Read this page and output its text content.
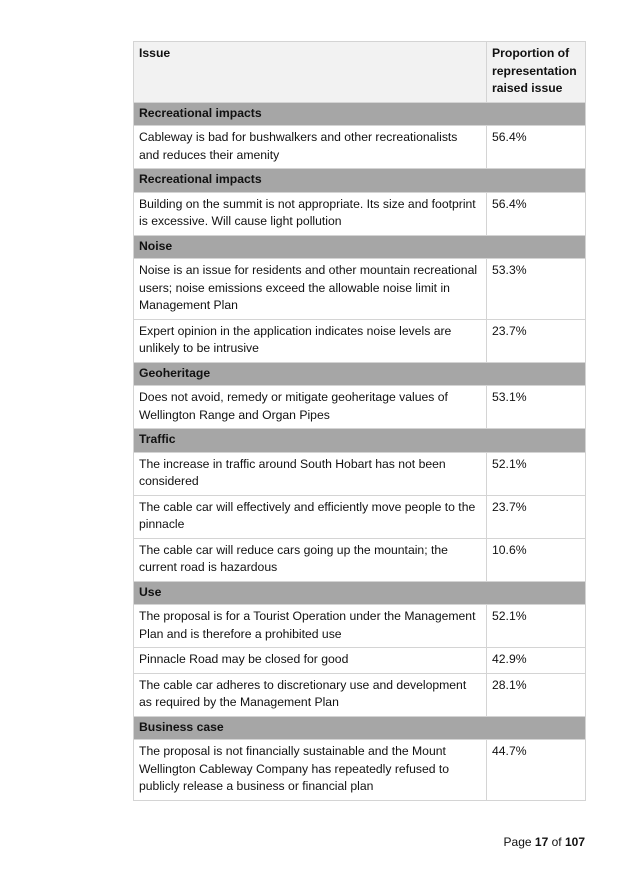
Issue	Proportion of representation raised issue
Recreational impacts	
Cableway is bad for bushwalkers and other recreationalists and reduces their amenity	56.4%
Recreational impacts	
Building on the summit is not appropriate. Its size and footprint is excessive. Will cause light pollution	56.4%
Noise	
Noise is an issue for residents and other mountain recreational users; noise emissions exceed the allowable noise limit in Management Plan	53.3%
Expert opinion in the application indicates noise levels are unlikely to be intrusive	23.7%
Geoheritage	
Does not avoid, remedy or mitigate geoheritage values of Wellington Range and Organ Pipes	53.1%
Traffic	
The increase in traffic around South Hobart has not been considered	52.1%
The cable car will effectively and efficiently move people to the pinnacle	23.7%
The cable car will reduce cars going up the mountain; the current road is hazardous	10.6%
Use	
The proposal is for a Tourist Operation under the Management Plan and is therefore a prohibited use	52.1%
Pinnacle Road may be closed for good	42.9%
The cable car adheres to discretionary use and development as required by the Management Plan	28.1%
Business case	
The proposal is not financially sustainable and the Mount Wellington Cableway Company has repeatedly refused to publicly release a business or financial plan	44.7%
Page 17 of 107
